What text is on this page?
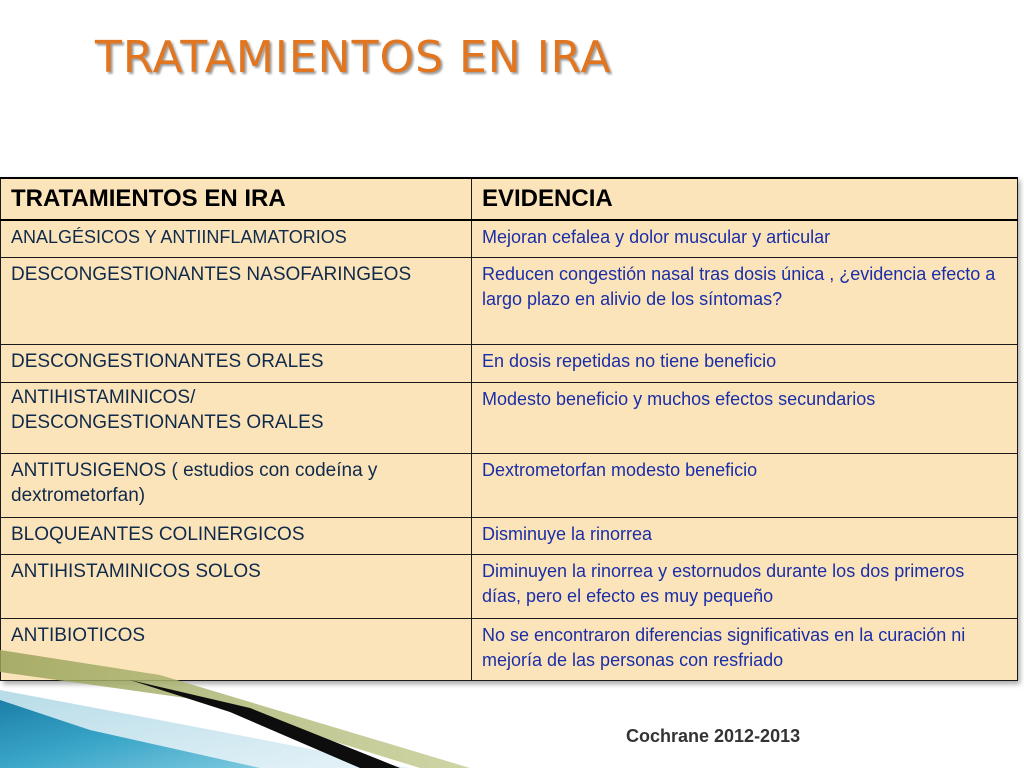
TRATAMIENTOS EN IRA
TRATAMIENTOS EN IRA	EVIDENCIA
ANALGÉSICOS Y ANTIINFLAMATORIOS	Mejoran cefalea y dolor muscular y articular
DESCONGESTIONANTES NASOFARINGEOS	Reducen congestión nasal tras dosis única , ¿evidencia efecto a largo plazo en alivio de los síntomas?
DESCONGESTIONANTES ORALES	En dosis repetidas no tiene beneficio

ANTIHISTAMINICOS/
DESCONGESTIONANTES ORALES	Modesto beneficio y muchos efectos secundarios
ANTITUSIGENOS ( estudios con codeína y dextrometorfan)	Dextrometorfan modesto beneficio
BLOQUEANTES COLINERGICOS	Disminuye la rinorrea
ANTIHISTAMINICOS SOLOS	Diminuyen la rinorrea y estornudos durante los dos primeros días, pero el efecto es muy pequeño
ANTIBIOTICOS	No se encontraron diferencias significativas en la curación ni mejoría de las personas con resfriado
Cochrane 2012-2013
